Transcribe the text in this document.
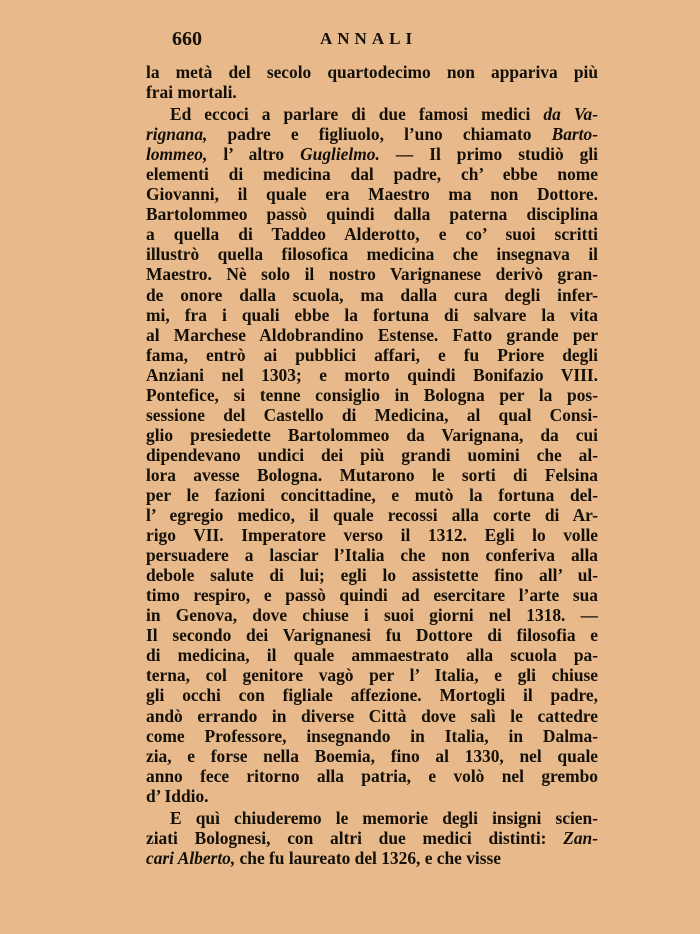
660	ANNALI

la metà del secolo quartodecimo non appariva più
frai mortali.

Ed eccoci a parlare di due famosi medici da Va-
rignana, padre e figliuolo, l’uno chiamato Barto-
lommeo, l’ altro Guglielmo. — Il primo studiò gli
elementi di medicina dal padre, ch’ ebbe nome
Giovanni, il quale era Maestro ma non Dottore.
Bartolommeo passò quindi dalla paterna disciplina
a quella di Taddeo Alderotto, e co’ suoi scritti
illustrò quella filosofica medicina che insegnava il
Maestro. Nè solo il nostro Varignanese derivò gran-
de onore dalla scuola, ma dalla cura degli infer-
mi, fra i quali ebbe la fortuna di salvare la vita
al Marchese Aldobrandino Estense. Fatto grande per
fama, entrò ai pubblici affari, e fu Priore degli
Anziani nel 1303; e morto quindi Bonifazio VIII.
Pontefice, si tenne consiglio in Bologna per la pos-
sessione del Castello di Medicina, al qual Consi-
glio presiedette Bartolommeo da Varignana, da cui
dipendevano undici dei più grandi uomini che al-
lora avesse Bologna. Mutarono le sorti di Felsina
per le fazioni concittadine, e mutò la fortuna del-
l’ egregio medico, il quale recossi alla corte di Ar-
rigo VII. Imperatore verso il 1312. Egli lo volle
persuadere a lasciar l’Italia che non conferiva alla
debole salute di lui; egli lo assistette fino all’ ul-
timo respiro, e passò quindi ad esercitare l’arte sua
in Genova, dove chiuse i suoi giorni nel 1318. —
Il secondo dei Varignanesi fu Dottore di filosofia e
di medicina, il quale ammaestrato alla scuola pa-
terna, col genitore vagò per l’ Italia, e gli chiuse
gli occhi con figliale affezione. Mortogli il padre,
andò errando in diverse Città dove salì le cattedre
come Professore, insegnando in Italia, in Dalma-
zia, e forse nella Boemia, fino al 1330, nel quale
anno fece ritorno alla patria, e volò nel grembo
d’ Iddio.

E quì chiuderemo le memorie degli insigni scien-
ziati Bolognesi, con altri due medici distinti: Zan-
cari Alberto, che fu laureato del 1326, e che visse
